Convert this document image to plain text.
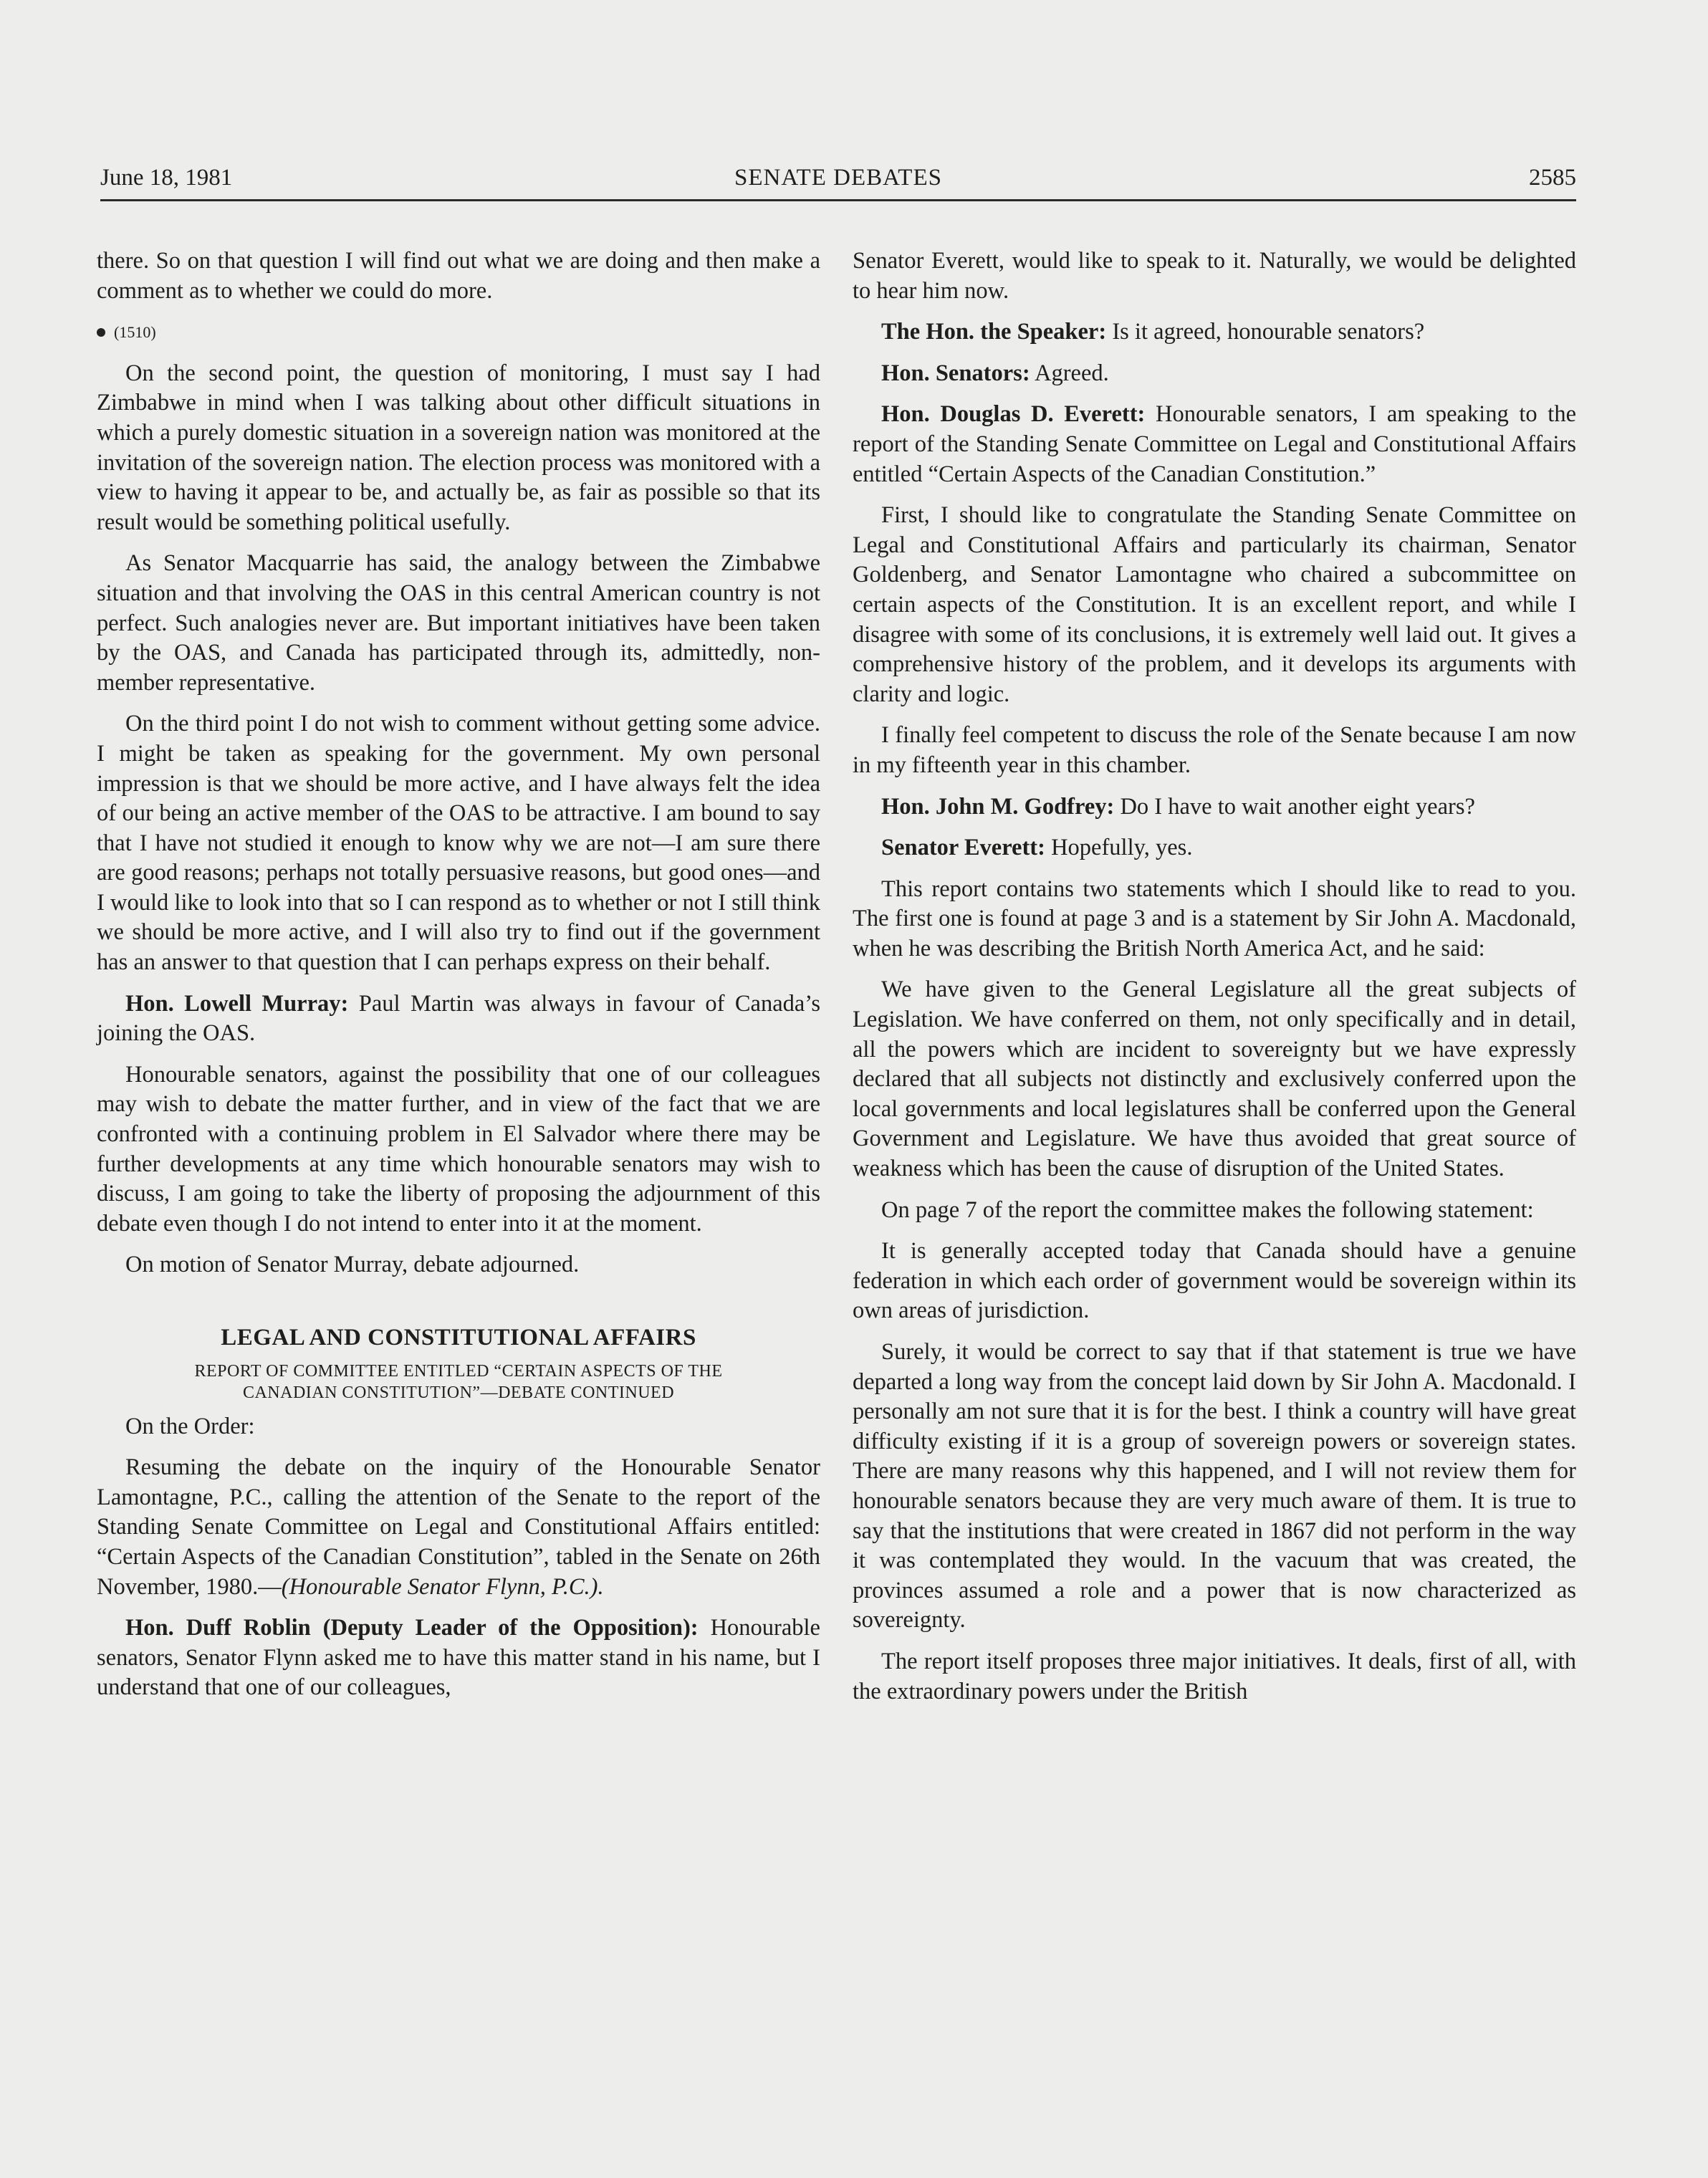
June 18, 1981	SENATE DEBATES	2585

there. So on that question I will find out what we are doing and then make a comment as to whether we could do more.

(1510)

On the second point, the question of monitoring, I must say I had Zimbabwe in mind when I was talking about other difficult situations in which a purely domestic situation in a sovereign nation was monitored at the invitation of the sovereign nation. The election process was monitored with a view to having it appear to be, and actually be, as fair as possible so that its result would be something political usefully.

As Senator Macquarrie has said, the analogy between the Zimbabwe situation and that involving the OAS in this central American country is not perfect. Such analogies never are. But important initiatives have been taken by the OAS, and Canada has participated through its, admittedly, non-member representative.

On the third point I do not wish to comment without getting some advice. I might be taken as speaking for the government. My own personal impression is that we should be more active, and I have always felt the idea of our being an active member of the OAS to be attractive. I am bound to say that I have not studied it enough to know why we are not—I am sure there are good reasons; perhaps not totally persuasive reasons, but good ones—and I would like to look into that so I can respond as to whether or not I still think we should be more active, and I will also try to find out if the government has an answer to that question that I can perhaps express on their behalf.

Hon. Lowell Murray: Paul Martin was always in favour of Canada’s joining the OAS.

Honourable senators, against the possibility that one of our colleagues may wish to debate the matter further, and in view of the fact that we are confronted with a continuing problem in El Salvador where there may be further developments at any time which honourable senators may wish to discuss, I am going to take the liberty of proposing the adjournment of this debate even though I do not intend to enter into it at the moment.

On motion of Senator Murray, debate adjourned.

LEGAL AND CONSTITUTIONAL AFFAIRS
REPORT OF COMMITTEE ENTITLED “CERTAIN ASPECTS OF THE
CANADIAN CONSTITUTION”—DEBATE CONTINUED

On the Order:

Resuming the debate on the inquiry of the Honourable Senator Lamontagne, P.C., calling the attention of the Senate to the report of the Standing Senate Committee on Legal and Constitutional Affairs entitled: “Certain Aspects of the Canadian Constitution”, tabled in the Senate on 26th November, 1980.—(Honourable Senator Flynn, P.C.).

Hon. Duff Roblin (Deputy Leader of the Opposition): Honourable senators, Senator Flynn asked me to have this matter stand in his name, but I understand that one of our colleagues,

Senator Everett, would like to speak to it. Naturally, we would be delighted to hear him now.

The Hon. the Speaker: Is it agreed, honourable senators?

Hon. Senators: Agreed.

Hon. Douglas D. Everett: Honourable senators, I am speaking to the report of the Standing Senate Committee on Legal and Constitutional Affairs entitled “Certain Aspects of the Canadian Constitution.”

First, I should like to congratulate the Standing Senate Committee on Legal and Constitutional Affairs and particularly its chairman, Senator Goldenberg, and Senator Lamontagne who chaired a subcommittee on certain aspects of the Constitution. It is an excellent report, and while I disagree with some of its conclusions, it is extremely well laid out. It gives a comprehensive history of the problem, and it develops its arguments with clarity and logic.

I finally feel competent to discuss the role of the Senate because I am now in my fifteenth year in this chamber.

Hon. John M. Godfrey: Do I have to wait another eight years?

Senator Everett: Hopefully, yes.

This report contains two statements which I should like to read to you. The first one is found at page 3 and is a statement by Sir John A. Macdonald, when he was describing the British North America Act, and he said:

We have given to the General Legislature all the great subjects of Legislation. We have conferred on them, not only specifically and in detail, all the powers which are incident to sovereignty but we have expressly declared that all subjects not distinctly and exclusively conferred upon the local governments and local legislatures shall be conferred upon the General Government and Legislature. We have thus avoided that great source of weakness which has been the cause of disruption of the United States.

On page 7 of the report the committee makes the following statement:

It is generally accepted today that Canada should have a genuine federation in which each order of government would be sovereign within its own areas of jurisdiction.

Surely, it would be correct to say that if that statement is true we have departed a long way from the concept laid down by Sir John A. Macdonald. I personally am not sure that it is for the best. I think a country will have great difficulty existing if it is a group of sovereign powers or sovereign states. There are many reasons why this happened, and I will not review them for honourable senators because they are very much aware of them. It is true to say that the institutions that were created in 1867 did not perform in the way it was contemplated they would. In the vacuum that was created, the provinces assumed a role and a power that is now characterized as sovereignty.

The report itself proposes three major initiatives. It deals, first of all, with the extraordinary powers under the British
